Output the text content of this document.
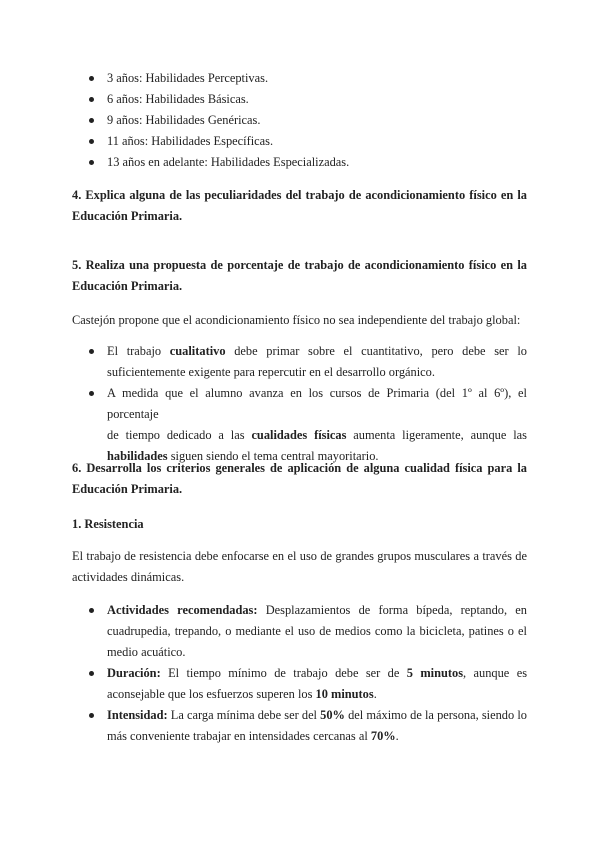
3 años: Habilidades Perceptivas.
6 años: Habilidades Básicas.
9 años: Habilidades Genéricas.
11 años: Habilidades Específicas.
13 años en adelante: Habilidades Especializadas.
4. Explica alguna de las peculiaridades del trabajo de acondicionamiento físico en la
Educación Primaria.
5. Realiza una propuesta de porcentaje de trabajo de acondicionamiento físico en la
Educación Primaria.
Castejón propone que el acondicionamiento físico no sea independiente del trabajo global:
El trabajo cualitativo debe primar sobre el cuantitativo, pero debe ser lo
suficientemente exigente para repercutir en el desarrollo orgánico.
A medida que el alumno avanza en los cursos de Primaria (del 1º al 6º), el porcentaje
de tiempo dedicado a las cualidades físicas aumenta ligeramente, aunque las
habilidades siguen siendo el tema central mayoritario.
6. Desarrolla los criterios generales de aplicación de alguna cualidad física para la
Educación Primaria.
1. Resistencia
El trabajo de resistencia debe enfocarse en el uso de grandes grupos musculares a través de
actividades dinámicas.
Actividades recomendadas: Desplazamientos de forma bípeda, reptando, en
cuadrupedia, trepando, o mediante el uso de medios como la bicicleta, patines o el
medio acuático.
Duración: El tiempo mínimo de trabajo debe ser de 5 minutos, aunque es
aconsejable que los esfuerzos superen los 10 minutos.
Intensidad: La carga mínima debe ser del 50% del máximo de la persona, siendo lo
más conveniente trabajar en intensidades cercanas al 70%.
